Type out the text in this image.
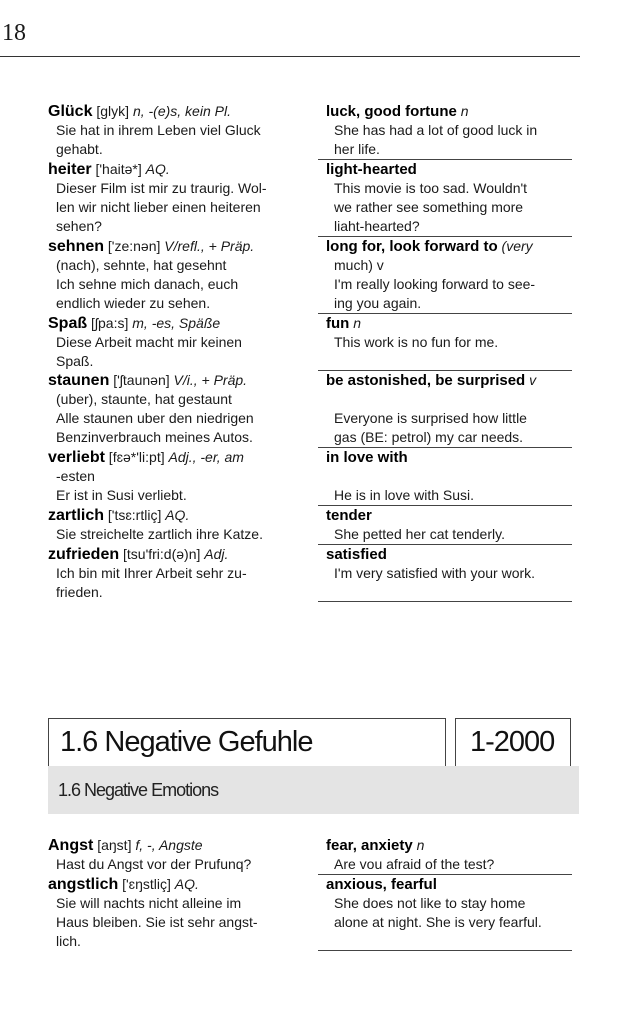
18
Glück [glyk] n, -(e)s, kein Pl.
Sie hat in ihrem Leben viel Gluck
gehabt.
luck, good fortune n
She has had a lot of good luck in
her life.
heiter ['haitə*] AQ.
Dieser Film ist mir zu traurig. Wol-
len wir nicht lieber einen heiteren
sehen?
light-hearted
This movie is too sad. Wouldn't
we rather see something more
liaht-hearted?
sehnen ['ze:nən] V/refl., + Präp.
(nach), sehnte, hat gesehnt
Ich sehne mich danach, euch
endlich wieder zu sehen.
long for, look forward to (very
much) v
I'm really looking forward to see-
ing you again.
Spaß [ʃpa:s] m, -es, Späße
Diese Arbeit macht mir keinen
Spaß.
fun n
This work is no fun for me.
staunen ['ʃtaunən] V/i., + Präp.
(uber), staunte, hat gestaunt
Alle staunen uber den niedrigen
Benzinverbrauch meines Autos.
be astonished, be surprised v
Everyone is surprised how little
gas (BE: petrol) my car needs.
verliebt [fɛə*'li:pt] Adj., -er, am
-esten
Er ist in Susi verliebt.
in love with
He is in love with Susi.
zartlich ['tsɛ:rtliç] AQ.
Sie streichelte zartlich ihre Katze.
tender
She petted her cat tenderly.
zufrieden [tsu'fri:d(ə)n] Adj.
Ich bin mit Ihrer Arbeit sehr zu-
frieden.
satisfied
I'm very satisfied with your work.
1.6 Negative Gefuhle	1-2000
1.6 Negative Emotions
Angst [aŋst] f, -, Angste
Hast du Angst vor der Prufunq?
fear, anxiety n
Are vou afraid of the test?
angstlich ['ɛŋstliç] AQ.
Sie will nachts nicht alleine im
Haus bleiben. Sie ist sehr angst-
lich.
anxious, fearful
She does not like to stay home
alone at night. She is very fearful.
